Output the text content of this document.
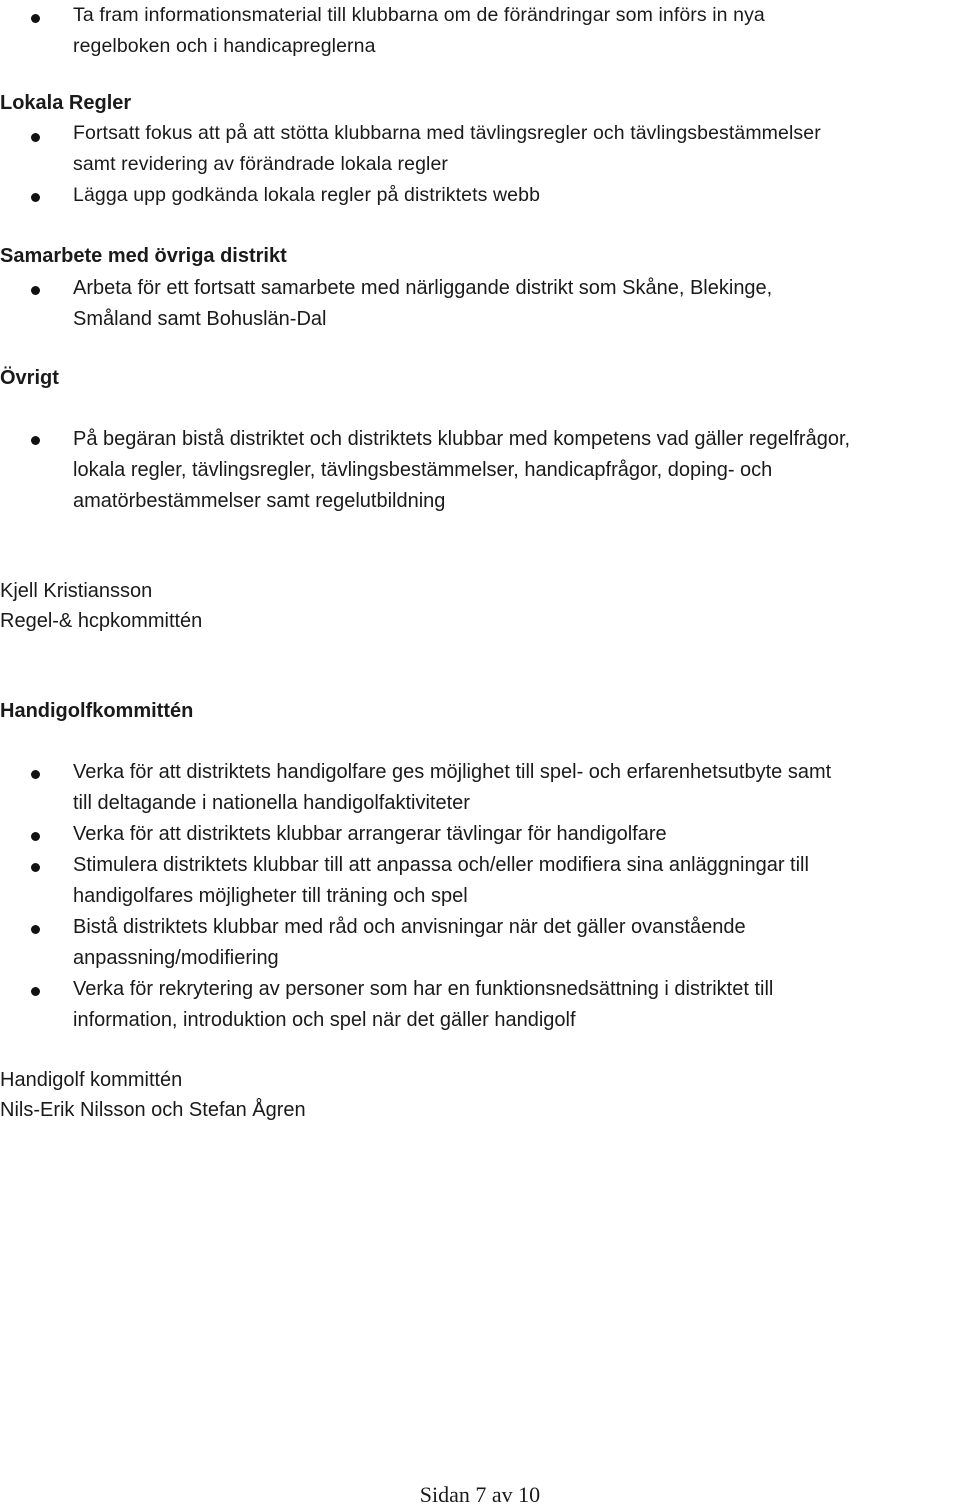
Ta fram informationsmaterial till klubbarna om de förändringar som införs in nya
regelboken och i handicapreglerna
Lokala Regler
Fortsatt fokus att på att stötta klubbarna med tävlingsregler och tävlingsbestämmelser
samt revidering av förändrade lokala regler
Lägga upp godkända lokala regler på distriktets webb
Samarbete med övriga distrikt
Arbeta för ett fortsatt samarbete med närliggande distrikt som Skåne, Blekinge,
Småland samt Bohuslän-Dal
Övrigt
På begäran bistå distriktet och distriktets klubbar med kompetens vad gäller regelfrågor,
lokala regler, tävlingsregler, tävlingsbestämmelser, handicapfrågor, doping- och
amatörbestämmelser samt regelutbildning
Kjell Kristiansson
Regel-& hcpkommittén
Handigolfkommittén
Verka för att distriktets handigolfare ges möjlighet till spel- och erfarenhetsutbyte samt
till deltagande i nationella handigolfaktiviteter
Verka för att distriktets klubbar arrangerar tävlingar för handigolfare
Stimulera distriktets klubbar till att anpassa och/eller modifiera sina anläggningar till
handigolfares möjligheter till träning och spel
Bistå distriktets klubbar med råd och anvisningar när det gäller ovanstående
anpassning/modifiering
Verka för rekrytering av personer som har en funktionsnedsättning i distriktet till
information, introduktion och spel när det gäller handigolf
Handigolf kommittén
Nils-Erik Nilsson och Stefan Ågren
Sidan 7 av 10
